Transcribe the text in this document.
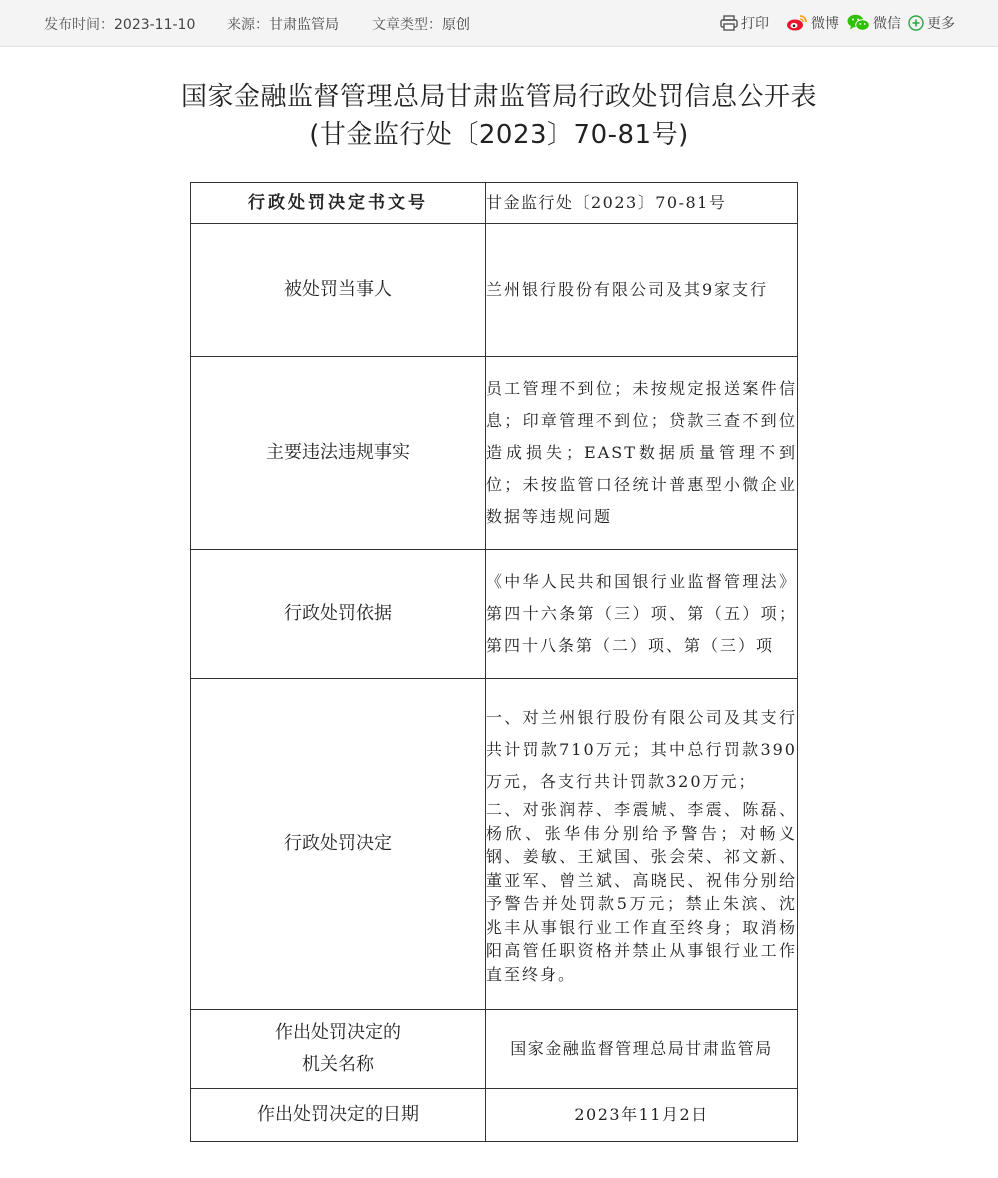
发布时间：2023-11-10 来源：甘肃监管局 文章类型：原创	打印	微博 微信 更多
国家金融监督管理总局甘肃监管局行政处罚信息公开表
(甘金监行处〔2023〕70-81号)
行政处罚决定书文号	甘金监行处〔2023〕70-81号
被处罚当事人	兰州银行股份有限公司及其9家支行
主要违法违规事实	员工管理不到位；未按规定报送案件信息；印章管理不到位；贷款三查不到位造成损失；EAST数据质量管理不到位；未按监管口径统计普惠型小微企业数据等违规问题
行政处罚依据	《中华人民共和国银行业监督管理法》第四十六条第（三）项、第（五）项；第四十八条第（二）项、第（三）项
行政处罚决定	一、对兰州银行股份有限公司及其支行共计罚款710万元；其中总行罚款390万元，各支行共计罚款320万元；

二、对张润荐、李震虓、李震、陈磊、杨欣、张华伟分别给予警告；对畅义钢、姜敏、王斌国、张会荣、祁文新、董亚军、曾兰斌、高晓民、祝伟分别给予警告并处罚款5万元；禁止朱滨、沈兆丰从事银行业工作直至终身；取消杨阳高管任职资格并禁止从事银行业工作直至终身。

作出处罚决定的
机关名称	国家金融监督管理总局甘肃监管局
作出处罚决定的日期	2023年11月2日
